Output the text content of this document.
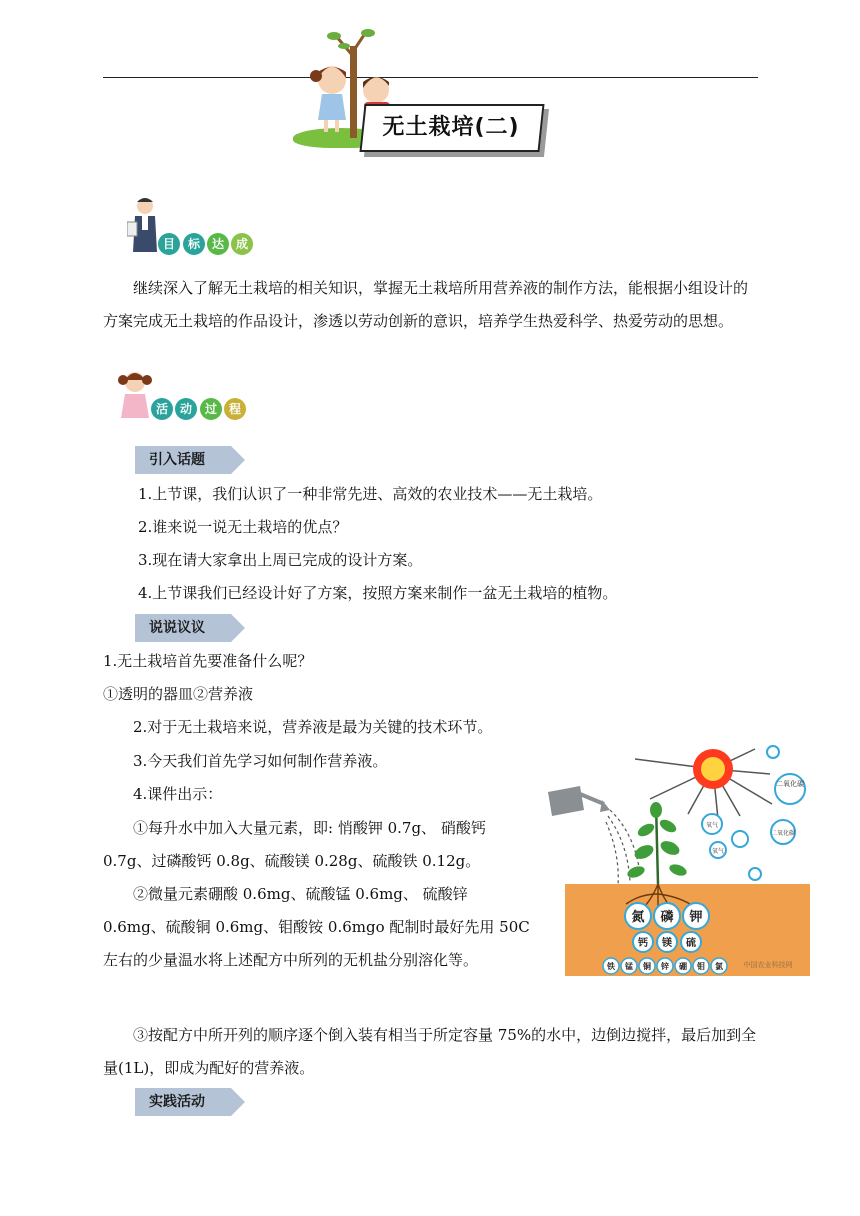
无土栽培(二)
目	标 达 成
继续深入了解无土栽培的相关知识，掌握无土栽培所用营养液的制作方法，能根据小组设计的方案完成无土栽培的作品设计，渗透以劳动创新的意识，培养学生热爱科学、热爱劳动的思想。
活 动	过 程
引入话题
1.上节课，我们认识了一种非常先进、高效的农业技术——无土栽培。
2.谁来说一说无土栽培的优点？
3.现在请大家拿出上周已完成的设计方案。
4.上节课我们已经设计好了方案，按照方案来制作一盆无土栽培的植物。
说说议议
1.无土栽培首先要准备什么呢？
①透明的器皿②营养液
2.对于无土栽培来说，营养液是最为关键的技术环节。
3.今天我们首先学习如何制作营养液。
4.课件出示：
①每升水中加入大量元素，即: 悄酸钾 0.7g、 硝酸钙 0.7g、过磷酸钙 0.8g、硫酸镁 0.28g、硫酸铁 0.12g。
②微量元素硼酸 0.6mg、硫酸锰 0.6mg、 硫酸锌 0.6mg、硫酸铜 0.6mg、钼酸铵 0.6mgo 配制时最好先用 50C 左右的少量温水将上述配方中所列的无机盐分别溶化等。
③按配方中所开列的顺序逐个倒入装有相当于所定容量 75%的水中，边倒边搅拌，最后加到全量(1L)，即成为配好的营养液。
二氧化碳
二氧化碳
氧气
氧气
氮 磷 钾
钙 镁 硫
铁 锰 铜 锌 硼 钼 氯	中国农业科技网
实践活动
